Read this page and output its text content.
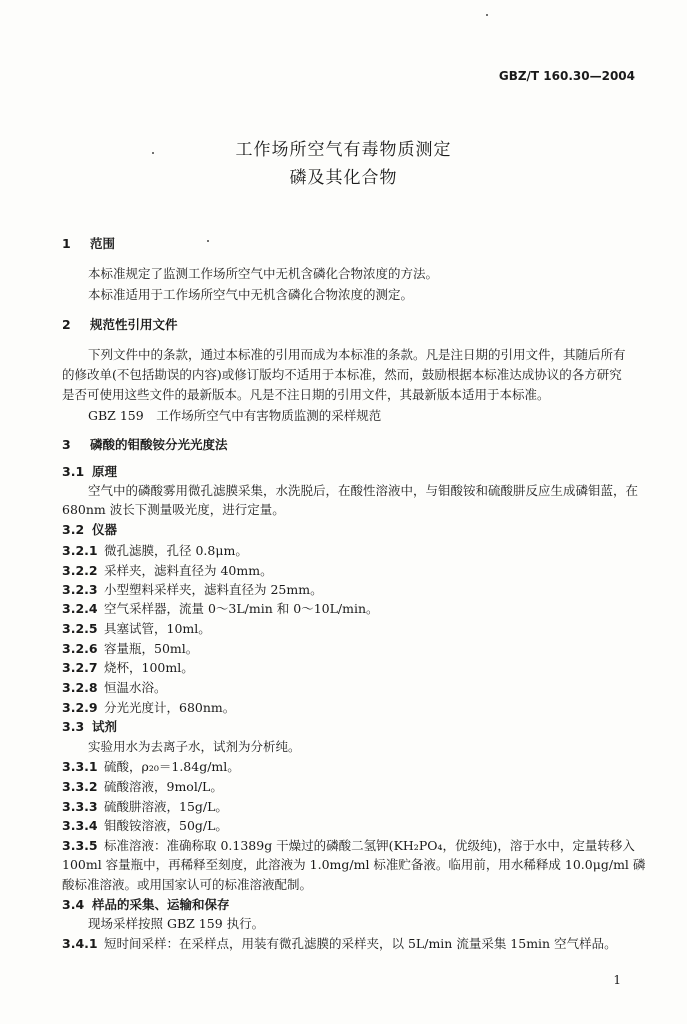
GBZ/T 160.30—2004
工作场所空气有毒物质测定
磷及其化合物
1 范围
本标准规定了监测工作场所空气中无机含磷化合物浓度的方法。
本标准适用于工作场所空气中无机含磷化合物浓度的测定。
2 规范性引用文件
下列文件中的条款，通过本标准的引用而成为本标准的条款。凡是注日期的引用文件，其随后所有
的修改单(不包括勘误的内容)或修订版均不适用于本标准，然而，鼓励根据本标准达成协议的各方研究
是否可使用这些文件的最新版本。凡是不注日期的引用文件，其最新版本适用于本标准。
GBZ 159　工作场所空气中有害物质监测的采样规范
3 磷酸的钼酸铵分光光度法
3.1 原理
空气中的磷酸雾用微孔滤膜采集，水洗脱后，在酸性溶液中，与钼酸铵和硫酸肼反应生成磷钼蓝，在
680nm 波长下测量吸光度，进行定量。
3.2 仪器
3.2.1 微孔滤膜，孔径 0.8μm。
3.2.2 采样夹，滤料直径为 40mm。
3.2.3 小型塑料采样夹，滤料直径为 25mm。
3.2.4 空气采样器，流量 0～3L/min 和 0～10L/min。
3.2.5 具塞试管，10ml。
3.2.6 容量瓶，50ml。
3.2.7 烧杯，100ml。
3.2.8 恒温水浴。
3.2.9 分光光度计，680nm。
3.3 试剂
实验用水为去离子水，试剂为分析纯。
3.3.1 硫酸，ρ₂₀＝1.84g/ml。
3.3.2 硫酸溶液，9mol/L。
3.3.3 硫酸肼溶液，15g/L。
3.3.4 钼酸铵溶液，50g/L。
3.3.5 标准溶液：准确称取 0.1389g 干燥过的磷酸二氢钾(KH₂PO₄，优级纯)，溶于水中，定量转移入
100ml 容量瓶中，再稀释至刻度，此溶液为 1.0mg/ml 标准贮备液。临用前，用水稀释成 10.0μg/ml 磷
酸标准溶液。或用国家认可的标准溶液配制。
3.4 样品的采集、运输和保存
现场采样按照 GBZ 159 执行。
3.4.1 短时间采样：在采样点，用装有微孔滤膜的采样夹，以 5L/min 流量采集 15min 空气样品。
1
